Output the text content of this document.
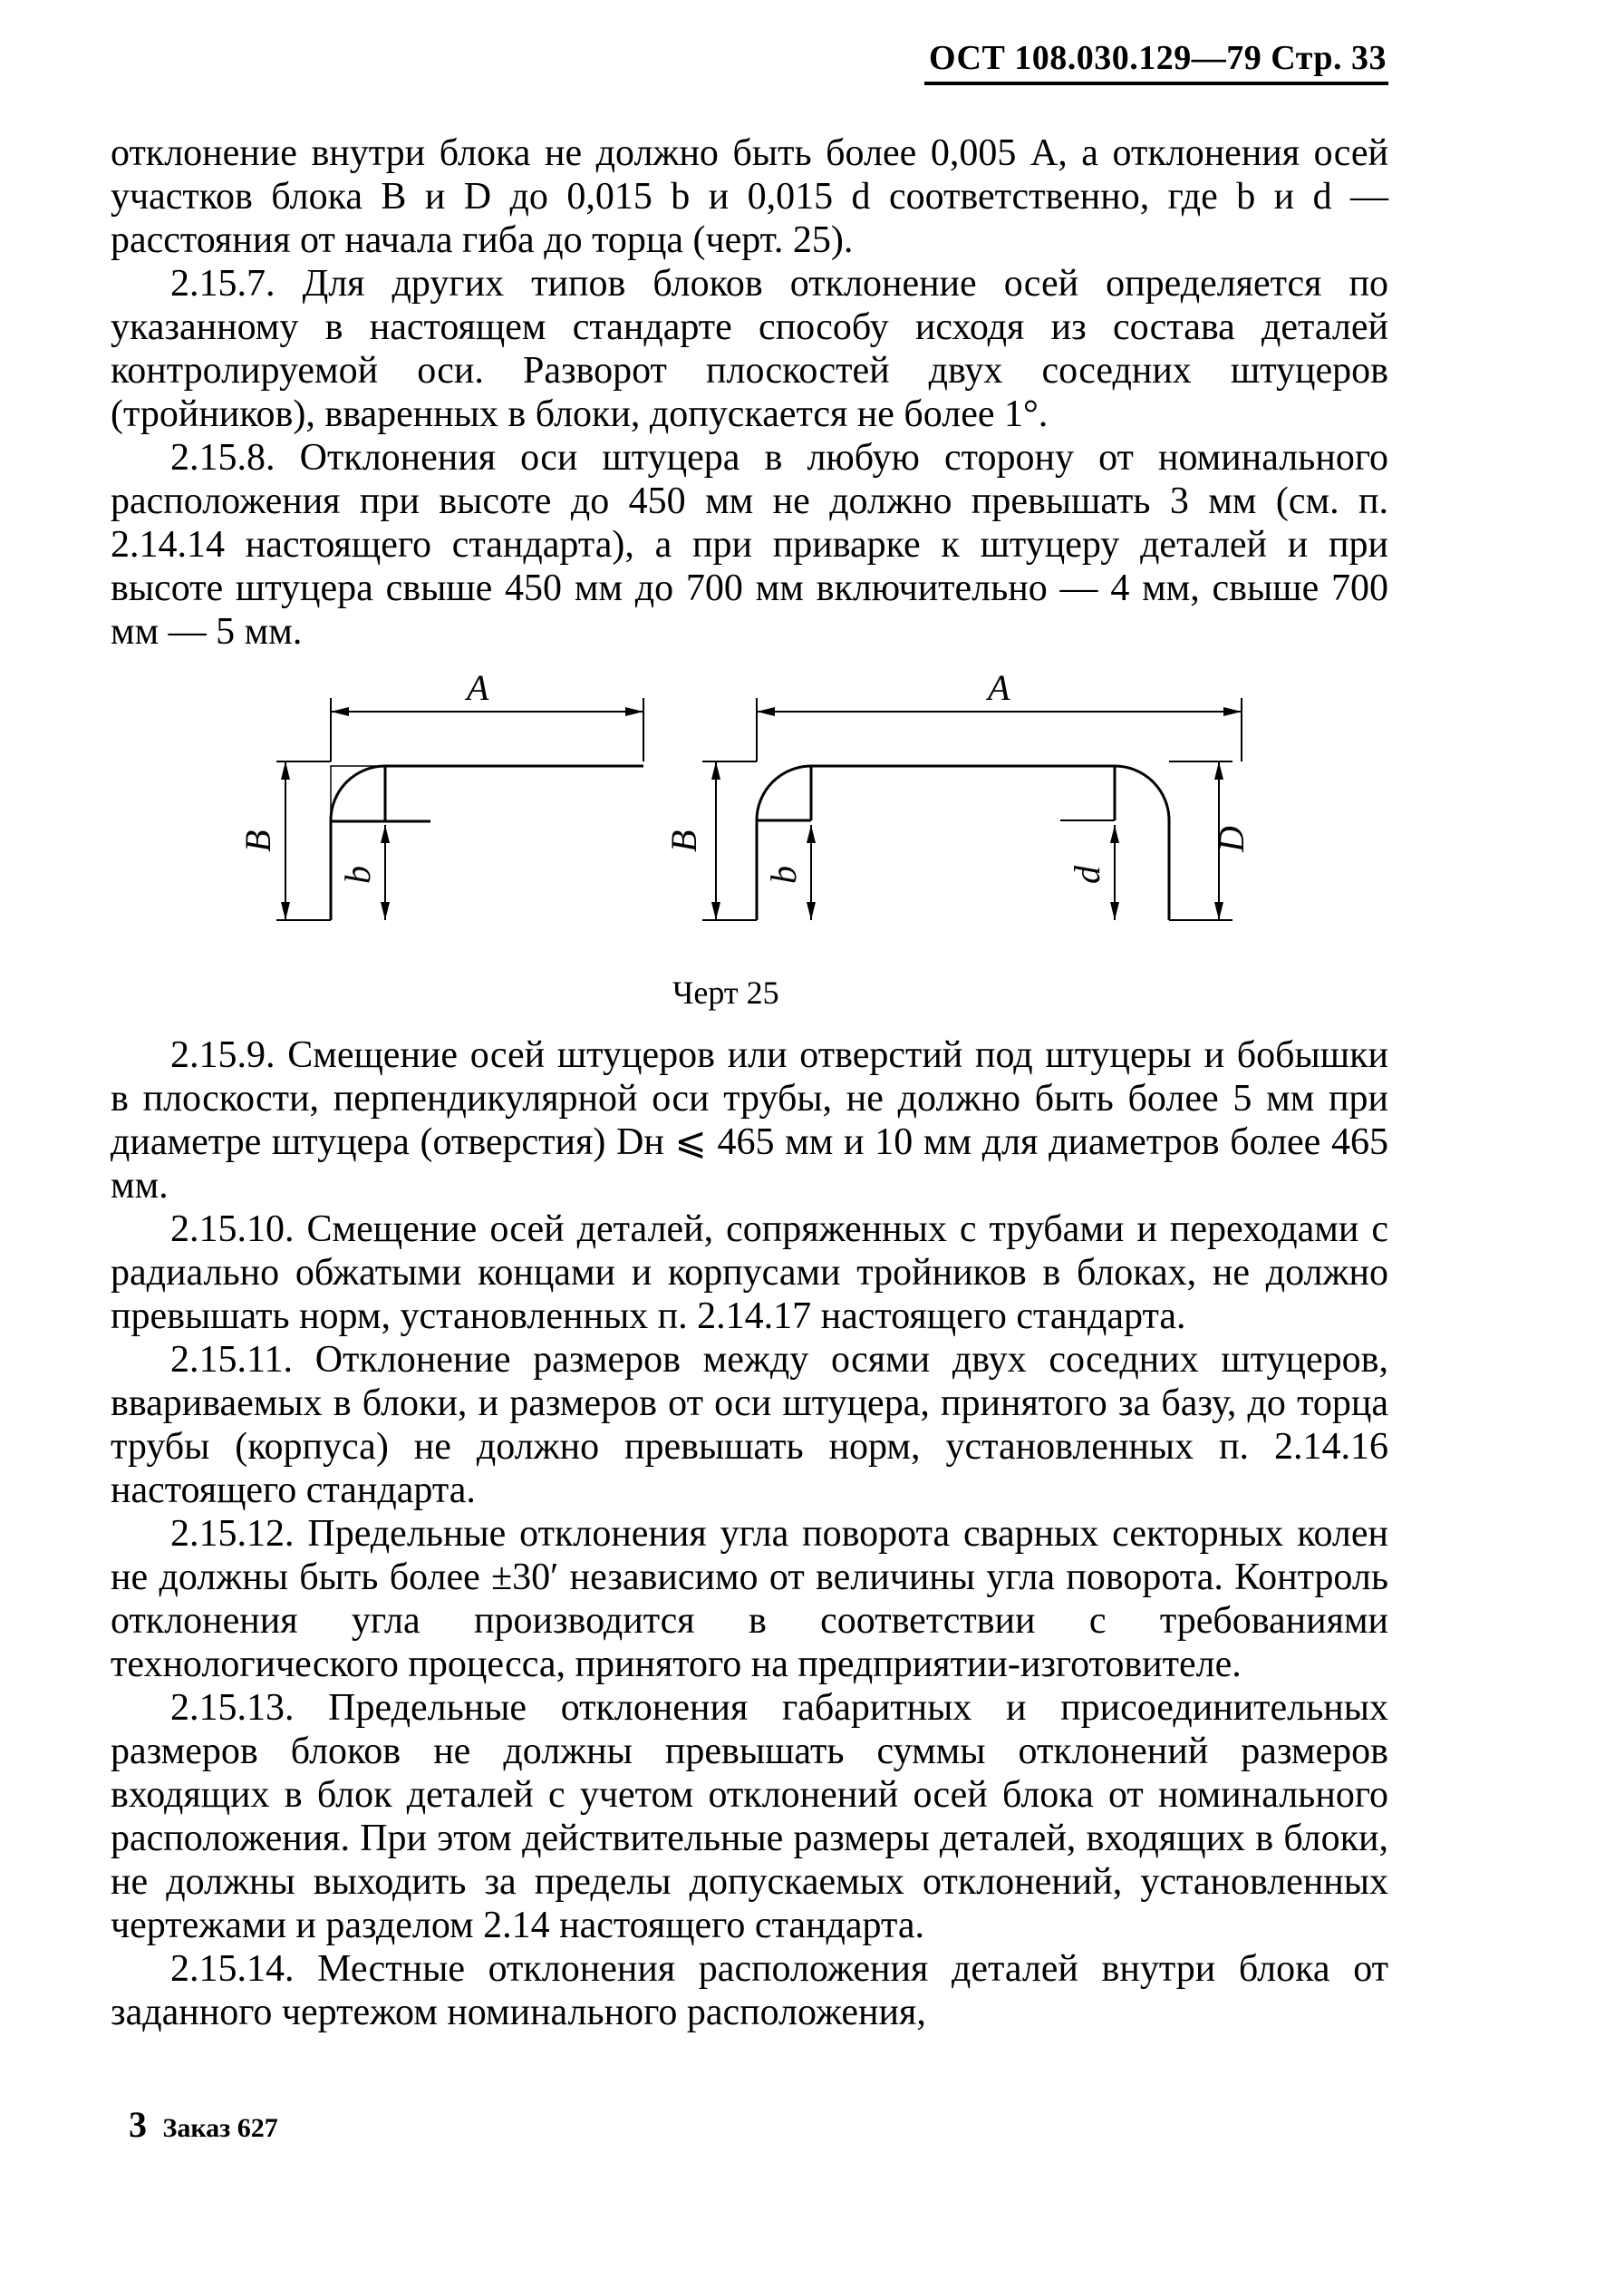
ОСТ 108.030.129—79 Стр. 33

отклонение внутри блока не должно быть более 0,005 A, а отклонения осей участков блока B и D до 0,015 b и 0,015 d соответственно, где b и d — расстояния от начала гиба до торца (черт. 25).

2.15.7. Для других типов блоков отклонение осей определяется по указанному в настоящем стандарте способу исходя из состава деталей контролируемой оси. Разворот плоскостей двух соседних штуцеров (тройников), вваренных в блоки, допускается не более 1°.

2.15.8. Отклонения оси штуцера в любую сторону от номинального расположения при высоте до 450 мм не должно превышать 3 мм (см. п. 2.14.14 настоящего стандарта), а при приварке к штуцеру деталей и при высоте штуцера свыше 450 мм до 700 мм включительно — 4 мм, свыше 700 мм — 5 мм.

A	A
B	B
b	b	d
D
Черт 25

2.15.9. Смещение осей штуцеров или отверстий под штуцеры и бобышки в плоскости, перпендикулярной оси трубы, не должно быть более 5 мм при диаметре штуцера (отверстия) Dн ⩽ 465 мм и 10 мм для диаметров более 465 мм.

2.15.10. Смещение осей деталей, сопряженных с трубами и переходами с радиально обжатыми концами и корпусами тройников в блоках, не должно превышать норм, установленных п. 2.14.17 настоящего стандарта.

2.15.11. Отклонение размеров между осями двух соседних штуцеров, ввариваемых в блоки, и размеров от оси штуцера, принятого за базу, до торца трубы (корпуса) не должно превышать норм, установленных п. 2.14.16 настоящего стандарта.

2.15.12. Предельные отклонения угла поворота сварных секторных колен не должны быть более ±30′ независимо от величины угла поворота. Контроль отклонения угла производится в соответствии с требованиями технологического процесса, принятого на предприятии-изготовителе.

2.15.13. Предельные отклонения габаритных и присоединительных размеров блоков не должны превышать суммы отклонений размеров входящих в блок деталей с учетом отклонений осей блока от номинального расположения. При этом действительные размеры деталей, входящих в блоки, не должны выходить за пределы допускаемых отклонений, установленных чертежами и разделом 2.14 настоящего стандарта.

2.15.14. Местные отклонения расположения деталей внутри блока от заданного чертежом номинального расположения,

3 Заказ 627
